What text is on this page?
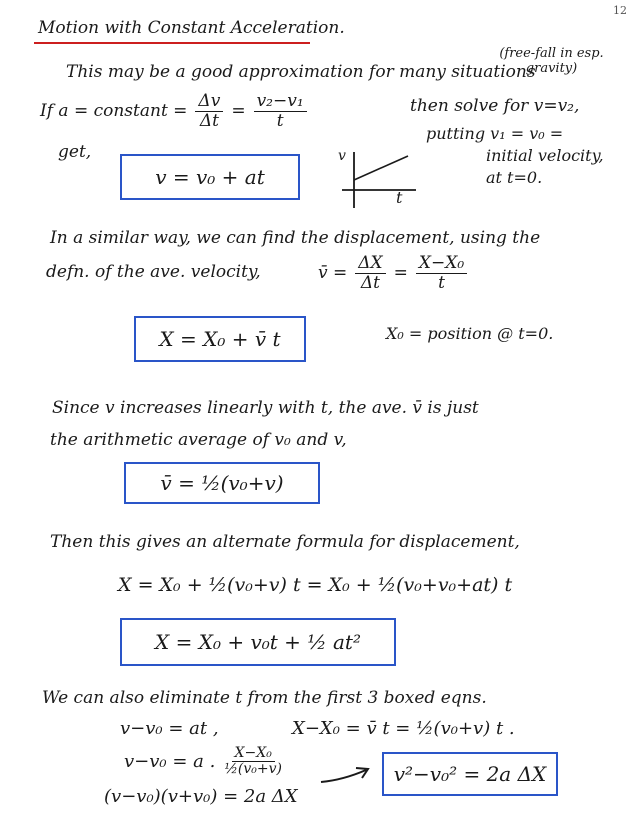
12
Motion with Constant Acceleration.
This may be a good approximation for many situations
(free-fall in esp. gravity)
If a = constant = $\frac{\Delta v}{\Delta t} = \frac{\text{v₂−v₁}}{t}$	then solve for v=v₂,
get,
putting v₁ = v₀ =
initial velocity,
at t=0.
v = v₀ + at
v
t
In a similar way, we can find the displacement, using the
defn. of the ave. velocity,	v̄ = $\frac{\Delta X}{\Delta t} = \frac{\text{X−X₀}}{t}$
X = X₀ + v̄ t	X₀ = position @ t=0.
Since v increases linearly with t, the ave. v̄ is just
the arithmetic average of v₀ and v,
v̄ = ½(v₀+v)
Then this gives an alternate formula for displacement,
X = X₀ + ½(v₀+v) t = X₀ + ½(v₀+v₀+at) t
X = X₀ + v₀t + ½ at²
We can also eliminate t from the first 3 boxed eqns.
v−v₀ = at ,	X−X₀ = v̄ t = ½(v₀+v) t .
v−v₀ = a . $\frac{\text{X−X₀}}{\text{½(v₀+v)}}$	v²−v₀² = 2a ΔX
(v−v₀)(v+v₀) = 2a ΔX
